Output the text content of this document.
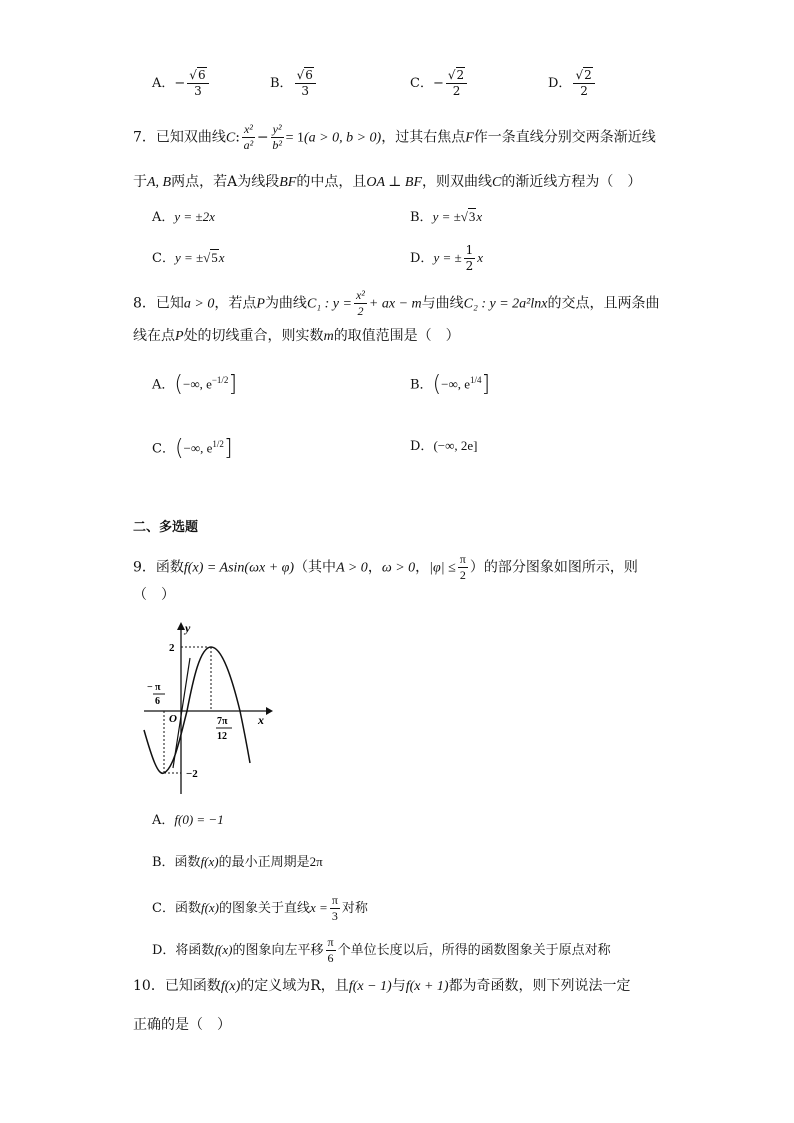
A．− $\frac{√6}{3}$	B． $\frac{√6}{3}$	C．− $\frac{√2}{2}$	D． $\frac{√2}{2}$
7．已知双曲线C: $\frac{\text{x²}}{\text{a²}} - \frac{\text{y²}}{\text{b²}} = 1(a > 0$, b > 0)，过其右焦点F作一条直线分别交两条渐近线
于A, B两点，若A为线段BF的中点，且OA ⊥ BF，则双曲线C的渐近线方程为（　）
A．y = ±2x	B．y = ±√3x
C．y = ±√5x	D．y = ± $\frac{1}{2}$ x
8．已知a > 0，若点P为曲线C₁ : $y = \frac{\text{x²}}{2}$ + ax − m与曲线C₂ : y = 2a²lnx的交点，且两条曲
线在点P处的切线重合，则实数m的取值范围是（　）
A．(−∞, $e^{-1/2}$]	B．(−∞, $e^{1/4}$]
C．(−∞, $e^{1/2}$]	D．(−∞, 2e]
二、多选题
9．函数f(x) = Asin(ωx + φ)（其中A > 0，ω > 0，$|\varphi| \le \frac{\pi}{2}$ ）的部分图象如图所示，则
（　）
y
x
O
2
−2
− π
6
7π
12
A．f(0) = −1
B．函数f(x)的最小正周期是2π
C．函数f(x)的图象关于直线$x = \frac{\pi}{3}$ 对称
D．将函数f(x)的图象向左平移 $\frac{\pi}{6}$ 个单位长度以后，所得的函数图象关于原点对称
10．已知函数f(x)的定义域为R，且f(x − 1)与f(x + 1)都为奇函数，则下列说法一定
正确的是（　）
